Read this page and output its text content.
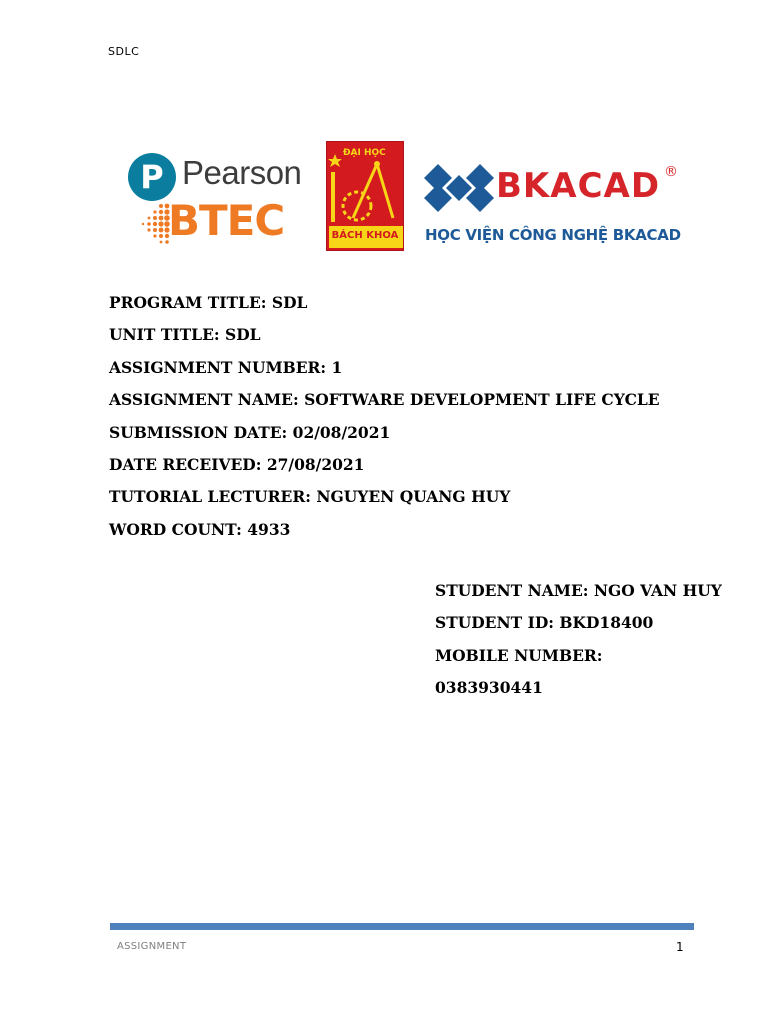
SDLC
P Pearson
BTEC
ĐẠI HỌC
BÁCH KHOA
BKACAD ®
HỌC VIỆN CÔNG NGHỆ BKACAD
PROGRAM TITLE: SDL
UNIT TITLE: SDL
ASSIGNMENT NUMBER: 1
ASSIGNMENT NAME: SOFTWARE DEVELOPMENT LIFE CYCLE
SUBMISSION DATE: 02/08/2021
DATE RECEIVED: 27/08/2021
TUTORIAL LECTURER: NGUYEN QUANG HUY
WORD COUNT: 4933
STUDENT NAME: NGO VAN HUY
STUDENT ID: BKD18400
MOBILE NUMBER:
0383930441
ASSIGNMENT	1
